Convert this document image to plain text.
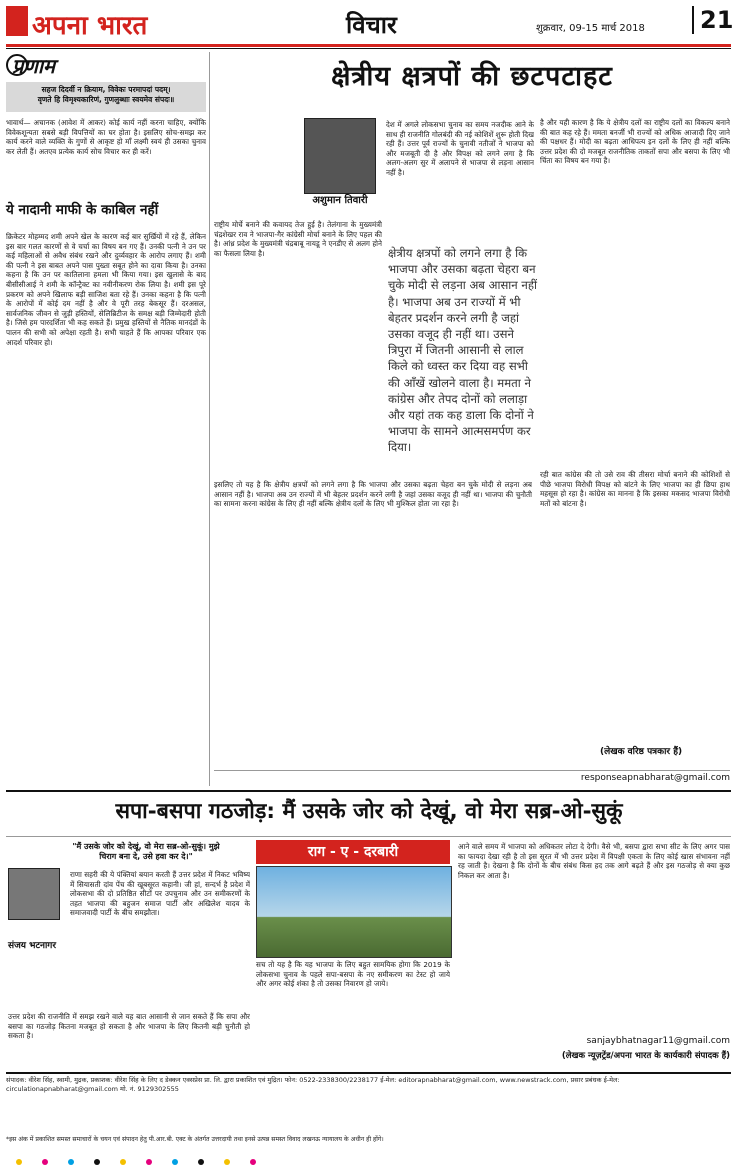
अपना भारत	विचार	शुक्रवार, 09-15 मार्च 2018	21
प्रणाम
सहज दिदर्वी न क्रियाम, विवेकः परमापदां पदम्।
वृणते हि विमृश्यकारिणं, गुणलुब्धाः स्वयमेव संपदः॥
भावार्थ— अचानक (आवेश में आकर) कोई कार्य नहीं करना चाहिए, क्योंकि विवेकशून्यता सबसे बड़ी विपत्तियों का घर होता है। इसलिए सोच-समझ कर कार्य करने वाले व्यक्ति के गुणों से आकृष्ट हो माँ लक्ष्मी स्वयं ही उसका चुनाव कर लेती हैं। अतएव प्रत्येक कार्य सोच विचार कर ही करें।
ये नादानी माफी के काबिल नहीं
क्रिकेटर मोहम्मद शमी अपने खेल के कारण कई बार सुर्खियों में रहे हैं, लेकिन इस बार गलत कारणों से वे चर्चा का विषय बन गए हैं। उनकी पत्नी ने उन पर कई महिलाओं से अवैध संबंध रखने और दुर्व्यवहार के आरोप लगाए हैं। शमी की पत्नी ने इस बाबत अपने पास पुख्ता सबूत होने का दावा किया है। उनका कहना है कि उन पर कातिलाना हमला भी किया गया। इस खुलासे के बाद बीसीसीआई ने शमी के कॉन्ट्रैक्ट का नवीनीकरण रोक लिया है। शमी इस पूरे प्रकरण को अपने खिलाफ बड़ी साजिश बता रहे हैं। उनका कहना है कि पत्नी के आरोपों में कोई दम नहीं है और वे पूरी तरह बेकसूर हैं। दरअसल, सार्वजनिक जीवन से जुड़ी हस्तियों, सेलिब्रिटीज के समक्ष बड़ी जिम्मेदारी होती है। जिसे हम पारदर्शिता भी कह सकते हैं। प्रमुख हस्तियों से नैतिक मानदंडों के पालन की सभी को अपेक्षा रहती है। सभी चाहते हैं कि आपका परिवार एक आदर्श परिवार हो।
क्षेत्रीय क्षत्रपों की छटपटाहट
अशुमान तिवारी
राष्ट्रीय मोर्चे बनाने की कवायद तेज हुई है। तेलंगाना के मुख्यमंत्री चंद्रशेखर राव ने भाजपा-गैर कांग्रेसी मोर्चा बनाने के लिए पहल की है। आंध्र प्रदेश के मुख्यमंत्री चंद्रबाबू नायडू ने एनडीए से अलग होने का फैसला लिया है।
देश में अगले लोकसभा चुनाव का समय नजदीक आने के साथ ही राजनीति गोलबंदी की नई कोशिशें शुरू होती दिख रही हैं। उत्तर पूर्व राज्यों के चुनावी नतीजों ने भाजपा को और मजबूती दी है और विपक्ष को लगने लगा है कि अलग-अलग सुर में अलापने से भाजपा से लड़ना आसान नहीं है।
क्षेत्रीय क्षत्रपों को लगने लगा है कि भाजपा और उसका बढ़ता चेहरा बन चुके मोदी से लड़ना अब आसान नहीं है। भाजपा अब उन राज्यों में भी बेहतर प्रदर्शन करने लगी है जहां उसका वजूद ही नहीं था। उसने त्रिपुरा में जितनी आसानी से लाल किले को ध्वस्त कर दिया वह सभी की आँखें खोलने वाला है। ममता ने कांग्रेस और तेपद दोनों को ललाड़ा और यहां तक कह डाला कि दोनों ने भाजपा के सामने आत्मसमर्पण कर दिया।
इसलिए तो यह है कि क्षेत्रीय क्षत्रपों को लगने लगा है कि भाजपा और उसका बढ़ता चेहरा बन चुके मोदी से लड़ना अब आसान नहीं है। भाजपा अब उन राज्यों में भी बेहतर प्रदर्शन करने लगी है जहां उसका वजूद ही नहीं था। भाजपा की चुनौती का सामना करना कांग्रेस के लिए ही नहीं बल्कि क्षेत्रीय दलों के लिए भी मुश्किल होता जा रहा है।
है और यही कारण है कि ये क्षेत्रीय दलों का राष्ट्रीय दलों का विकल्प बनाने की बात कह रहे हैं। ममता बनर्जी भी राज्यों को अधिक आजादी दिए जाने की पक्षधर हैं। मोदी का बढ़ता आधिपत्य इन दलों के लिए ही नहीं बल्कि उत्तर प्रदेश की दो मजबूत राजनीतिक ताकतों सपा और बसपा के लिए भी चिंता का विषय बन गया है।
रही बात कांग्रेस की तो उसे राव की तीसरा मोर्चा बनाने की कोशिशों से पीछे भाजपा विरोधी विपक्ष को बांटने के लिए भाजपा का ही छिपा हाथ महसूस हो रहा है। कांग्रेस का मानना है कि इसका मकसद भाजपा विरोधी मतों को बांटना है।
(लेखक वरिष्ठ पत्रकार हैं)
responseapnabharat@gmail.com
सपा-बसपा गठजोड़: मैं उसके जोर को देखूं, वो मेरा सब्र-ओ-सुकूं
"मैं उसके जोर को देखूं, वो मेरा सब्र-ओ-सुकूं। मुझे चिराग बना दे, उसे हवा कर दे।"
संजय भटनागर
राणा सहरी की ये पंक्तियां बयान करती हैं उत्तर प्रदेश में निकट भविष्य में सियासती दांव पेंच की खूबसूरत कहानी। जी हां, सन्दर्भ है प्रदेश में लोकसभा की दो प्रतिष्ठित सीटों पर उपचुनाव और उन समीकरणों के तहत भाजपा की बहुजन समाज पार्टी और अखिलेश यादव के समाजवादी पार्टी के बीच समझौता।
उत्तर प्रदेश की राजनीति में समझ रखने वाले यह बात आसानी से जान सकते हैं कि सपा और बसपा का गठजोड़ कितना मजबूत हो सकता है और भाजपा के लिए कितनी बड़ी चुनौती हो सकता है।
राग - ए - दरबारी
सच तो यह है कि यह भाजपा के लिए बहुत सामयिक होगा कि 2019 के लोकसभा चुनाव के पहले सपा-बसपा के नए समीकरण का टेस्ट हो जाये और अगर कोई शंका है तो उसका निवारण हो जाये।
आने वाले समय में भाजपा को अधिकतर लोटा दे देगी। वैसे भी, बसपा द्वारा सभा सीट के लिए अगर पास का फायदा देखा रही है तो इस सूरत में भी उत्तर प्रदेश में विपक्षी एकता के लिए कोई खास संभावना नहीं रह जाती है। देखना है कि दोनों के बीच संबंध किस हद तक आगे बढ़ते हैं और इस गठजोड़ से क्या कुछ निकल कर आता है।
sanjaybhatnagar11@gmail.com
(लेखक न्यूज़ट्रेंड/अपना भारत के कार्यकारी संपादक हैं)
संपादक: वीरेश सिंह, स्वामी, मुद्रक, प्रकाशक: वीरेश सिंह के लिए द डेक्कन एक्सप्रेस प्रा. लि. द्वारा प्रकाशित एवं मुद्रित। फोन: 0522-2338300/2238177 ई-मेल: editorapnabharat@gmail.com, www.newstrack.com, प्रसार प्रबंधक ई-मेल: circulationapnabharat@gmail.com मो. नं. 9129302555
*इस अंक में प्रकाशित समस्त समाचारों के चयन एवं संपादन हेतु पी.आर.बी. एक्ट के अंतर्गत उत्तरदायी तथा इनसे उत्पन्न समस्त विवाद लखनऊ न्यायालय के अधीन ही होंगे।
